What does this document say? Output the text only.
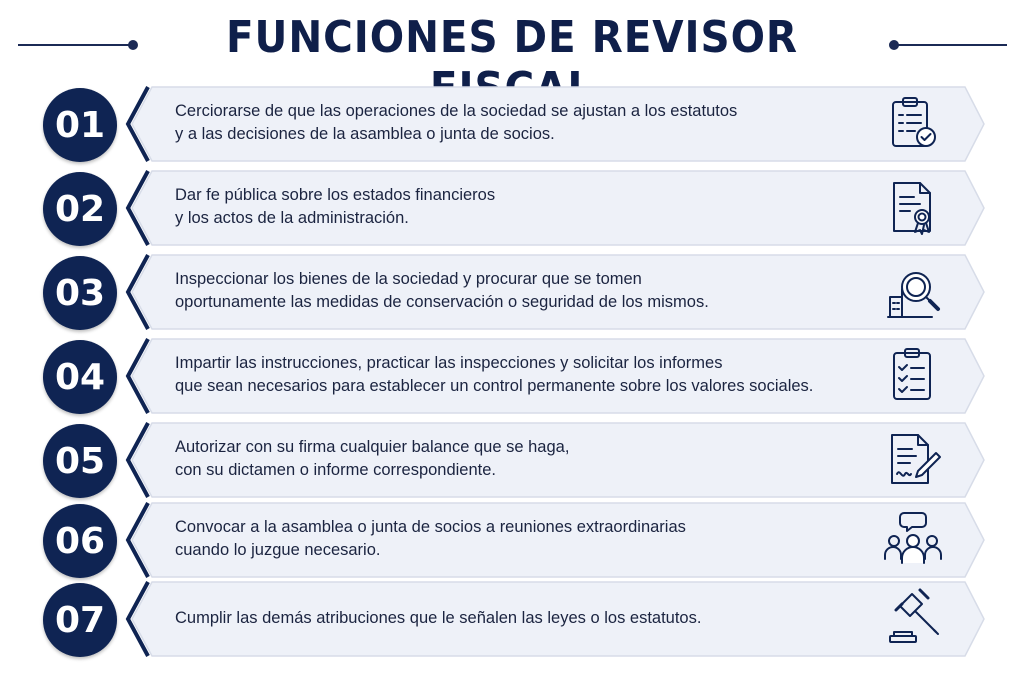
FUNCIONES DE REVISOR
01	Cerciorarse de que las operaciones de la sociedad se ajustan a los estatutos
y a las decisiones de la asamblea o junta de socios.
02	Dar fe pública sobre los estados financieros
y los actos de la administración.
03	Inspeccionar los bienes de la sociedad y procurar que se tomen
oportunamente las medidas de conservación o seguridad de los mismos.
04	Impartir las instrucciones, practicar las inspecciones y solicitar los informes
que sean necesarios para establecer un control permanente sobre los valores sociales.
05	Autorizar con su firma cualquier balance que se haga,
con su dictamen o informe correspondiente.
06	Convocar a la asamblea o junta de socios a reuniones extraordinarias
cuando lo juzgue necesario.
07	Cumplir las demás atribuciones que le señalen las leyes o los estatutos.
